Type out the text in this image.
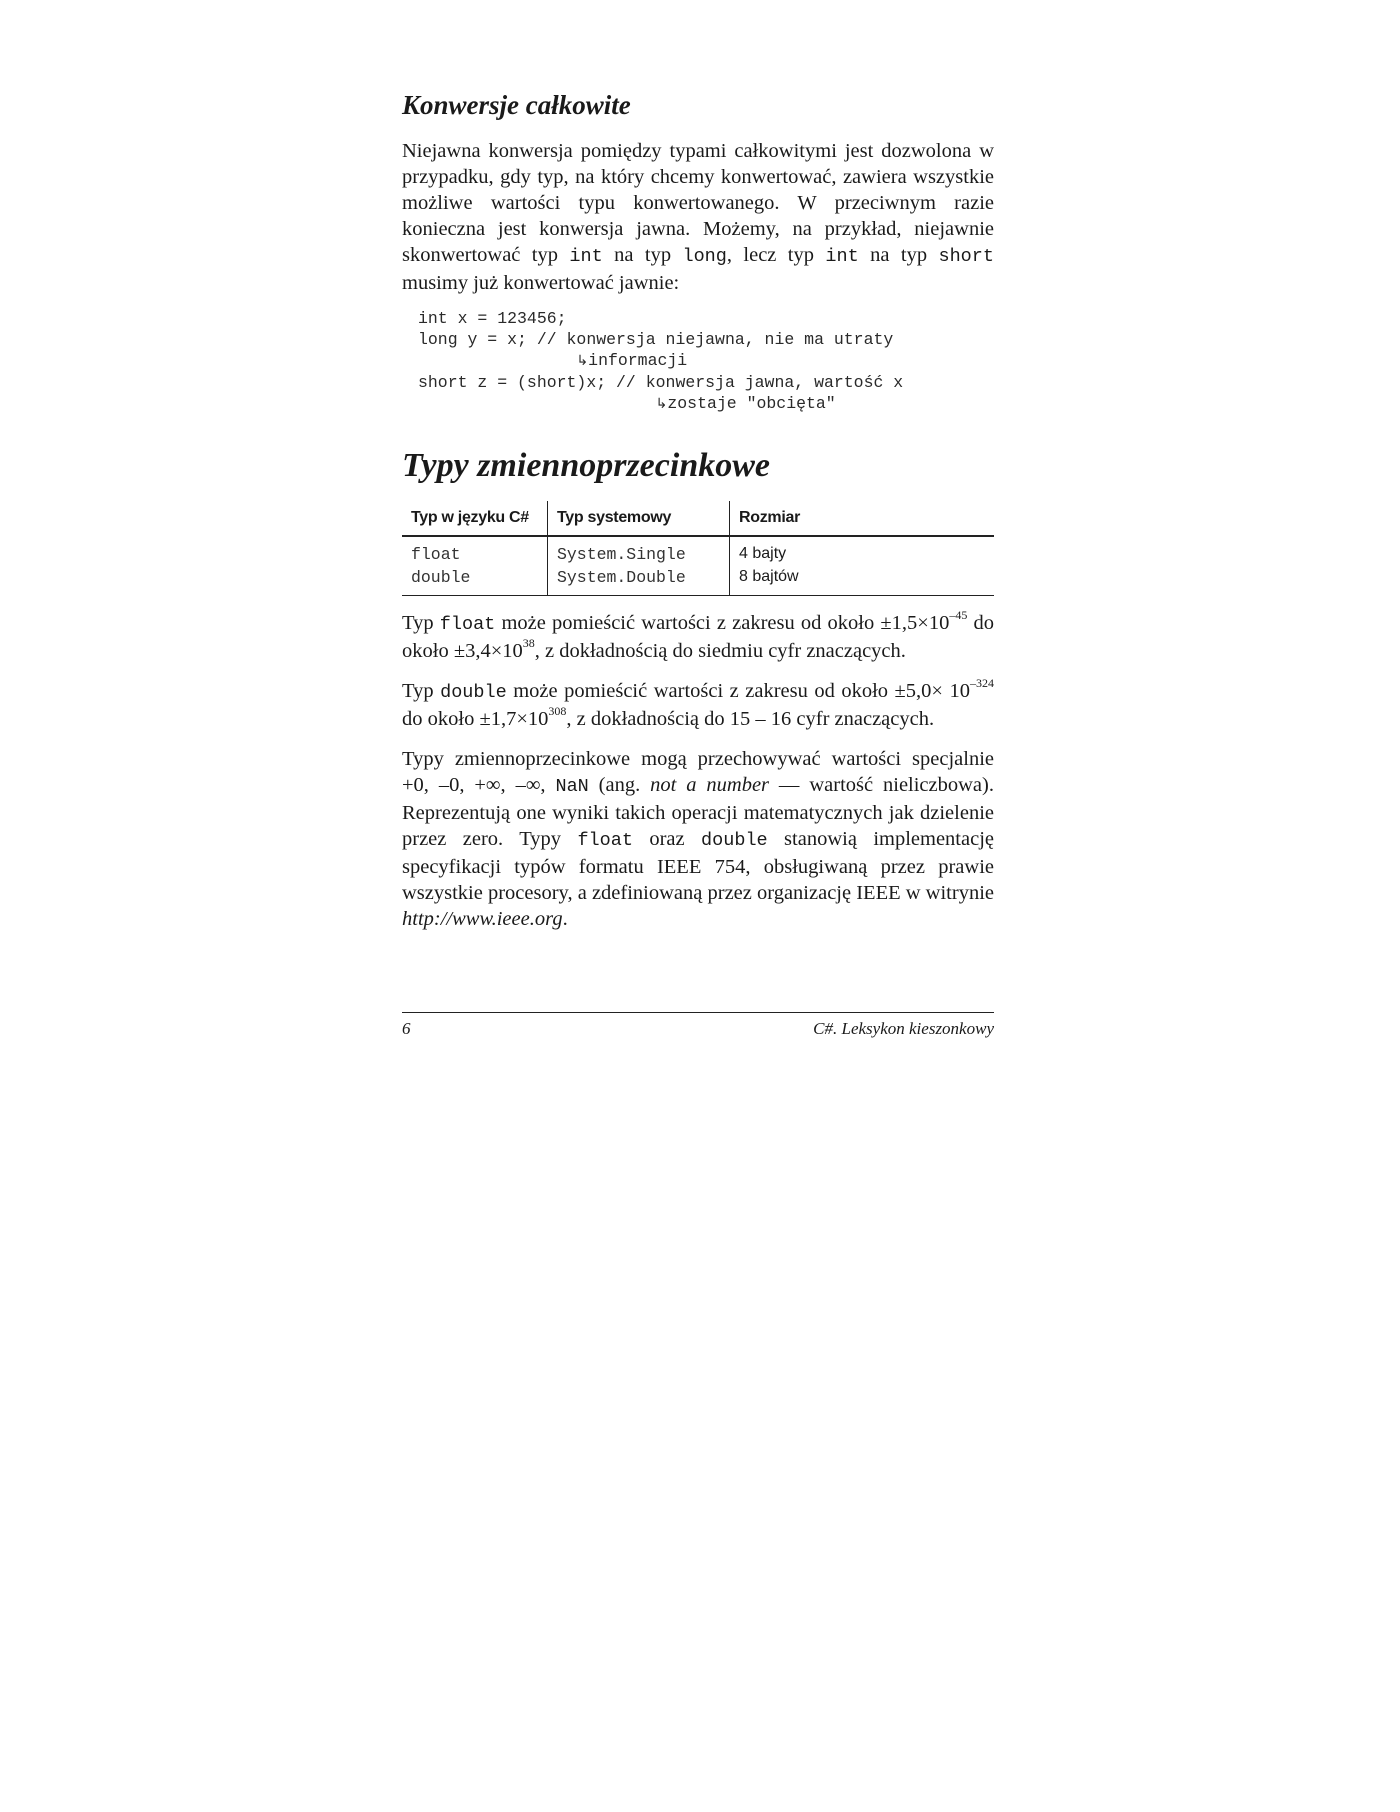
Konwersje całkowite

Niejawna konwersja pomiędzy typami całkowitymi jest dozwolona w przypadku, gdy typ, na który chcemy konwertować, zawiera wszystkie możliwe wartości typu konwertowanego. W przeciwnym razie konieczna jest konwersja jawna. Możemy, na przykład, niejawnie skonwertować typ int na typ long, lecz typ int na typ short musimy już konwertować jawnie:

int x = 123456;
long y = x; // konwersja niejawna, nie ma utraty
↳informacji
short z = (short)x; // konwersja jawna, wartość x
↳zostaje "obcięta"
Typy zmiennoprzecinkowe
Typ w języku C#	Typ systemowy	Rozmiar
float	System.Single	4 bajty
double	System.Double	8 bajtów

Typ float może pomieścić wartości z zakresu od około $\pm 1,5\times 10^{-45}$ do około $\pm 3,4\times 10^{38}$, z dokładnością do siedmiu cyfr znaczących.

Typ double może pomieścić wartości z zakresu od około $\pm 5,0\times 10^{-324}$ do około $\pm 1,7\times 10^{308}$, z dokładnością do 15 – 16 cyfr znaczących.

Typy zmiennoprzecinkowe mogą przechowywać wartości specjalnie +0, –0, +∞, –∞, NaN (ang. not a number — wartość nieliczbowa). Reprezentują one wyniki takich operacji matematycznych jak dzielenie przez zero. Typy float oraz double stanowią implementację specyfikacji typów formatu IEEE 754, obsługiwaną przez prawie wszystkie procesory, a zdefiniowaną przez organizację IEEE w witrynie http://www.ieee.org.

6	C#. Leksykon kieszonkowy
